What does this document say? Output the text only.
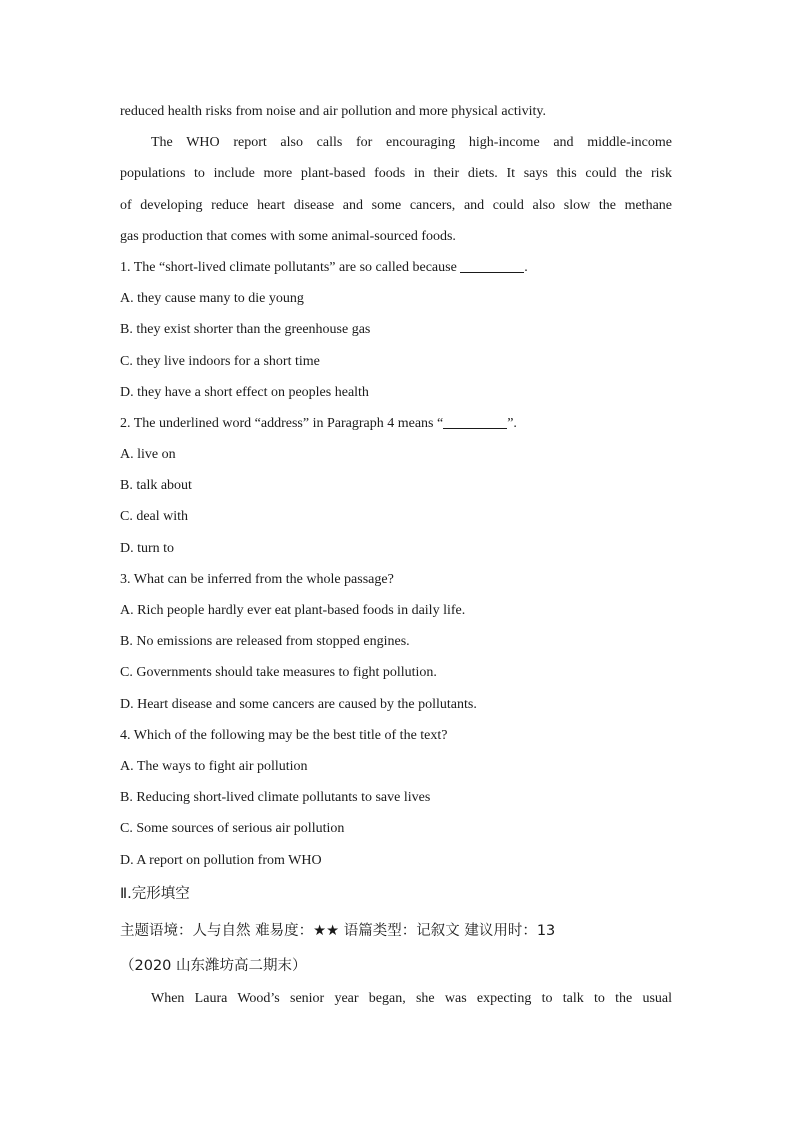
reduced health risks from noise and air pollution and more physical activity.
The WHO report also calls for encouraging high-income and middle-income
populations to include more plant-based foods in their diets. It says this could the risk
of developing reduce heart disease and some cancers, and could also slow the methane
gas production that comes with some animal-sourced foods.
1. The “short-lived climate pollutants” are so called because	.
A. they cause many to die young
B. they exist shorter than the greenhouse gas
C. they live indoors for a short time
D. they have a short effect on peoples health
2. The underlined word “address” in Paragraph 4 means “	”.
A. live on
B. talk about
C. deal with
D. turn to
3. What can be inferred from the whole passage?
A. Rich people hardly ever eat plant-based foods in daily life.
B. No emissions are released from stopped engines.
C. Governments should take measures to fight pollution.
D. Heart disease and some cancers are caused by the pollutants.
4. Which of the following may be the best title of the text?
A. The ways to fight air pollution
B. Reducing short-lived climate pollutants to save lives
C. Some sources of serious air pollution
D. A report on pollution from WHO
Ⅱ.完形填空
主题语境：人与自然 难易度：★★ 语篇类型：记叙文 建议用时：13
（2020 山东潍坊高二期末）
When Laura Wood’s senior year began, she was expecting to talk to the usual
